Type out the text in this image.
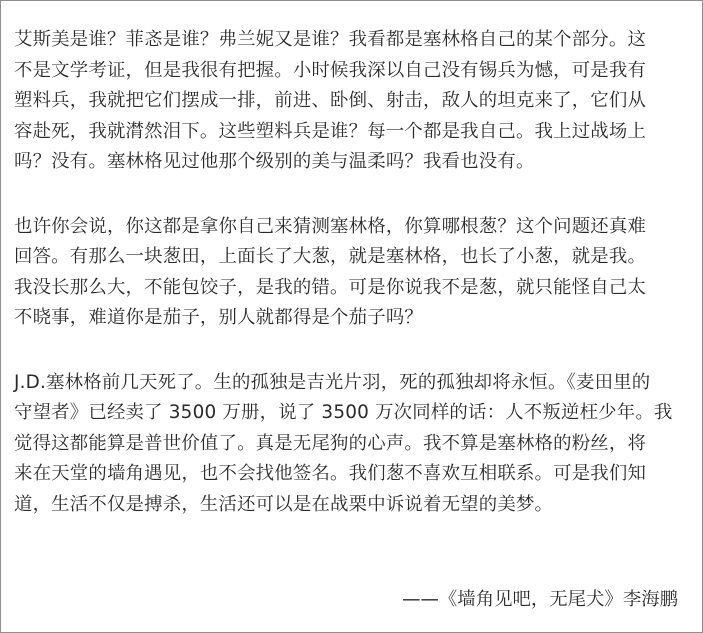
艾斯美是谁？菲忞是谁？弗兰妮又是谁？我看都是塞林格自己的某个部分。这
不是文学考证，但是我很有把握。小时候我深以自己没有锡兵为憾，可是我有
塑料兵，我就把它们摆成一排，前进、卧倒、射击，敌人的坦克来了，它们从
容赴死，我就潸然泪下。这些塑料兵是谁？每一个都是我自己。我上过战场上
吗？没有。塞林格见过他那个级别的美与温柔吗？我看也没有。
也许你会说，你这都是拿你自己来猜测塞林格，你算哪根葱？这个问题还真难
回答。有那么一块葱田，上面长了大葱，就是塞林格，也长了小葱，就是我。
我没长那么大，不能包饺子，是我的错。可是你说我不是葱，就只能怪自己太
不晓事，难道你是茄子，别人就都得是个茄子吗？
J.D.塞林格前几天死了。生的孤独是吉光片羽，死的孤独却将永恒。《麦田里的
守望者》已经卖了 3500 万册，说了 3500 万次同样的话：人不叛逆枉少年。我
觉得这都能算是普世价值了。真是无尾狗的心声。我不算是塞林格的粉丝，将
来在天堂的墙角遇见，也不会找他签名。我们葱不喜欢互相联系。可是我们知
道，生活不仅是搏杀，生活还可以是在战栗中诉说着无望的美梦。
——《墙角见吧，无尾犬》李海鹏
